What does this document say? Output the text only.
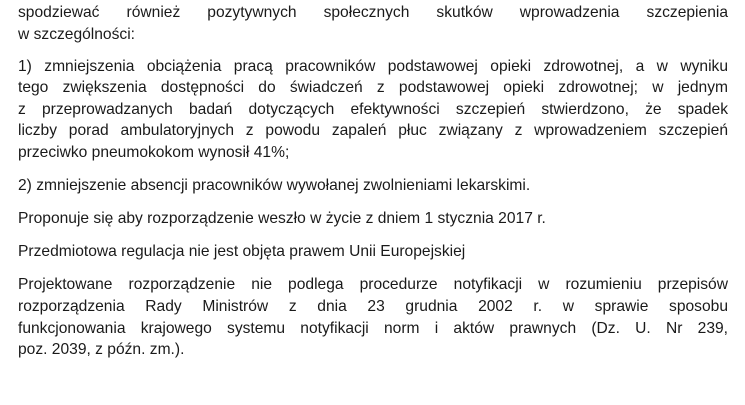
spodziewać również pozytywnych społecznych skutków wprowadzenia szczepienia
w szczególności:
1) zmniejszenia obciążenia pracą pracowników podstawowej opieki zdrowotnej, a w wyniku
tego zwiększenia dostępności do świadczeń z podstawowej opieki zdrowotnej; w jednym
z przeprowadzanych badań dotyczących efektywności szczepień stwierdzono, że spadek
liczby porad ambulatoryjnych z powodu zapaleń płuc związany z wprowadzeniem szczepień
przeciwko pneumokokom wynosił 41%;
2) zmniejszenie absencji pracowników wywołanej zwolnieniami lekarskimi.
Proponuje się aby rozporządzenie weszło w życie z dniem 1 stycznia 2017 r.
Przedmiotowa regulacja nie jest objęta prawem Unii Europejskiej
Projektowane rozporządzenie nie podlega procedurze notyfikacji w rozumieniu przepisów
rozporządzenia Rady Ministrów z dnia 23 grudnia 2002 r. w sprawie sposobu
funkcjonowania krajowego systemu notyfikacji norm i aktów prawnych (Dz. U. Nr 239,
poz. 2039, z późn. zm.).
